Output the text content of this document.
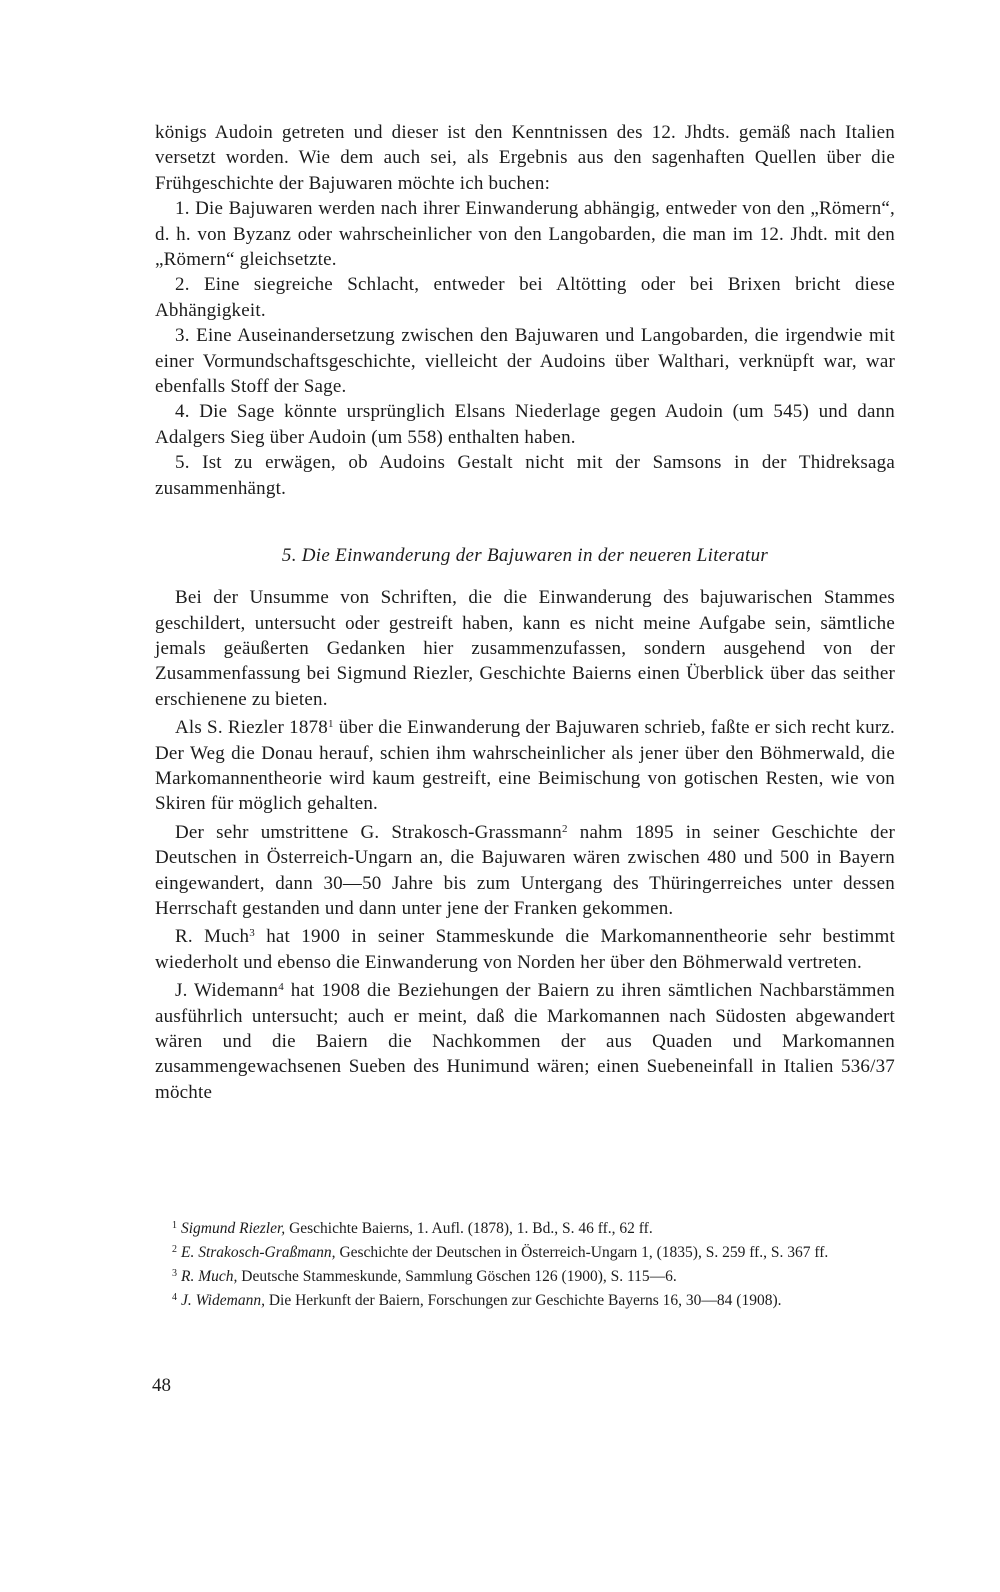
königs Audoin getreten und dieser ist den Kenntnissen des 12. Jhdts. gemäß nach Italien versetzt worden. Wie dem auch sei, als Ergebnis aus den sagenhaften Quellen über die Frühgeschichte der Bajuwaren möchte ich buchen:

1. Die Bajuwaren werden nach ihrer Einwanderung abhängig, entweder von den „Römern“, d. h. von Byzanz oder wahrscheinlicher von den Langobarden, die man im 12. Jhdt. mit den „Römern“ gleichsetzte.

2. Eine siegreiche Schlacht, entweder bei Altötting oder bei Brixen bricht diese Abhängigkeit.

3. Eine Auseinandersetzung zwischen den Bajuwaren und Langobarden, die irgendwie mit einer Vormundschaftsgeschichte, vielleicht der Audoins über Walthari, verknüpft war, war ebenfalls Stoff der Sage.

4. Die Sage könnte ursprünglich Elsans Niederlage gegen Audoin (um 545) und dann Adalgers Sieg über Audoin (um 558) enthalten haben.

5. Ist zu erwägen, ob Audoins Gestalt nicht mit der Samsons in der Thidreksaga zusammenhängt.

5. Die Einwanderung der Bajuwaren in der neueren Literatur

Bei der Unsumme von Schriften, die die Einwanderung des bajuwarischen Stammes geschildert, untersucht oder gestreift haben, kann es nicht meine Aufgabe sein, sämtliche jemals geäußerten Gedanken hier zusammenzufassen, sondern ausgehend von der Zusammenfassung bei Sigmund Riezler, Geschichte Baierns einen Überblick über das seither erschienene zu bieten.

Als S. Riezler 1878$^1$ über die Einwanderung der Bajuwaren schrieb, faßte er sich recht kurz. Der Weg die Donau herauf, schien ihm wahrscheinlicher als jener über den Böhmerwald, die Markomannentheorie wird kaum gestreift, eine Beimischung von gotischen Resten, wie von Skiren für möglich gehalten.

Der sehr umstrittene G. Strakosch-Grassmann$^2$ nahm 1895 in seiner Geschichte der Deutschen in Österreich-Ungarn an, die Bajuwaren wären zwischen 480 und 500 in Bayern eingewandert, dann 30—50 Jahre bis zum Untergang des Thüringerreiches unter dessen Herrschaft gestanden und dann unter jene der Franken gekommen.

R. Much$^3$ hat 1900 in seiner Stammeskunde die Markomannentheorie sehr bestimmt wiederholt und ebenso die Einwanderung von Norden her über den Böhmerwald vertreten.

J. Widemann$^4$ hat 1908 die Beziehungen der Baiern zu ihren sämtlichen Nachbarstämmen ausführlich untersucht; auch er meint, daß die Markomannen nach Südosten abgewandert wären und die Baiern die Nachkommen der aus Quaden und Markomannen zusammengewachsenen Sueben des Hunimund wären; einen Suebeneinfall in Italien 536/37 möchte

$^1$ Sigmund Riezler, Geschichte Baierns, 1. Aufl. (1878), 1. Bd., S. 46 ff., 62 ff.

$^2$ E. Strakosch-Graßmann, Geschichte der Deutschen in Österreich-Ungarn 1, (1835), S. 259 ff., S. 367 ff.

$^3$ R. Much, Deutsche Stammeskunde, Sammlung Göschen 126 (1900), S. 115—6.

$^4$ J. Widemann, Die Herkunft der Baiern, Forschungen zur Geschichte Bayerns 16, 30—84 (1908).

48
